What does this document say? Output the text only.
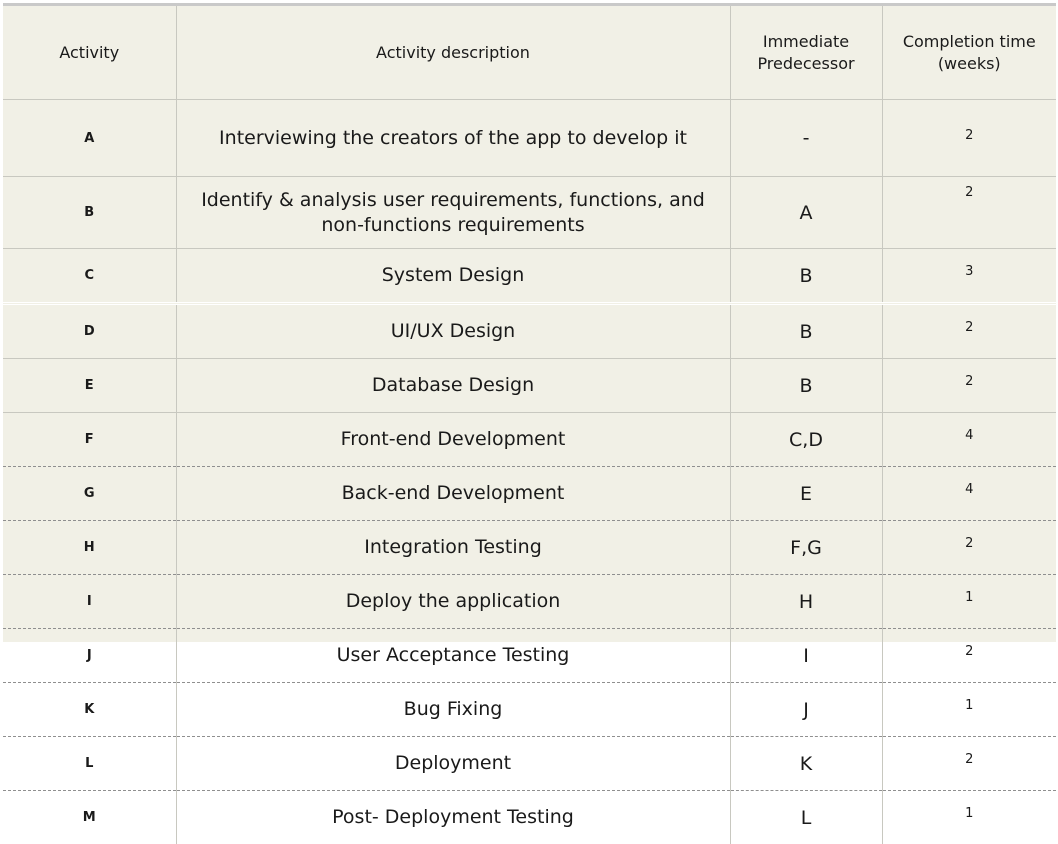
Activity	Activity description	Immediate Predecessor	Completion time (weeks)
A	Interviewing the creators of the app to develop it	-	2
B	Identify & analysis user requirements, functions, and non-functions requirements	A	2
C	System Design	B	3
D	UI/UX Design	B	2
E	Database Design	B	2
F	Front-end Development	C,D	4
G	Back-end Development	E	4
H	Integration Testing	F,G	2
I	Deploy the application	H	1
J	User Acceptance Testing	I	2
K	Bug Fixing	J	1
L	Deployment	K	2
M	Post- Deployment Testing	L	1
